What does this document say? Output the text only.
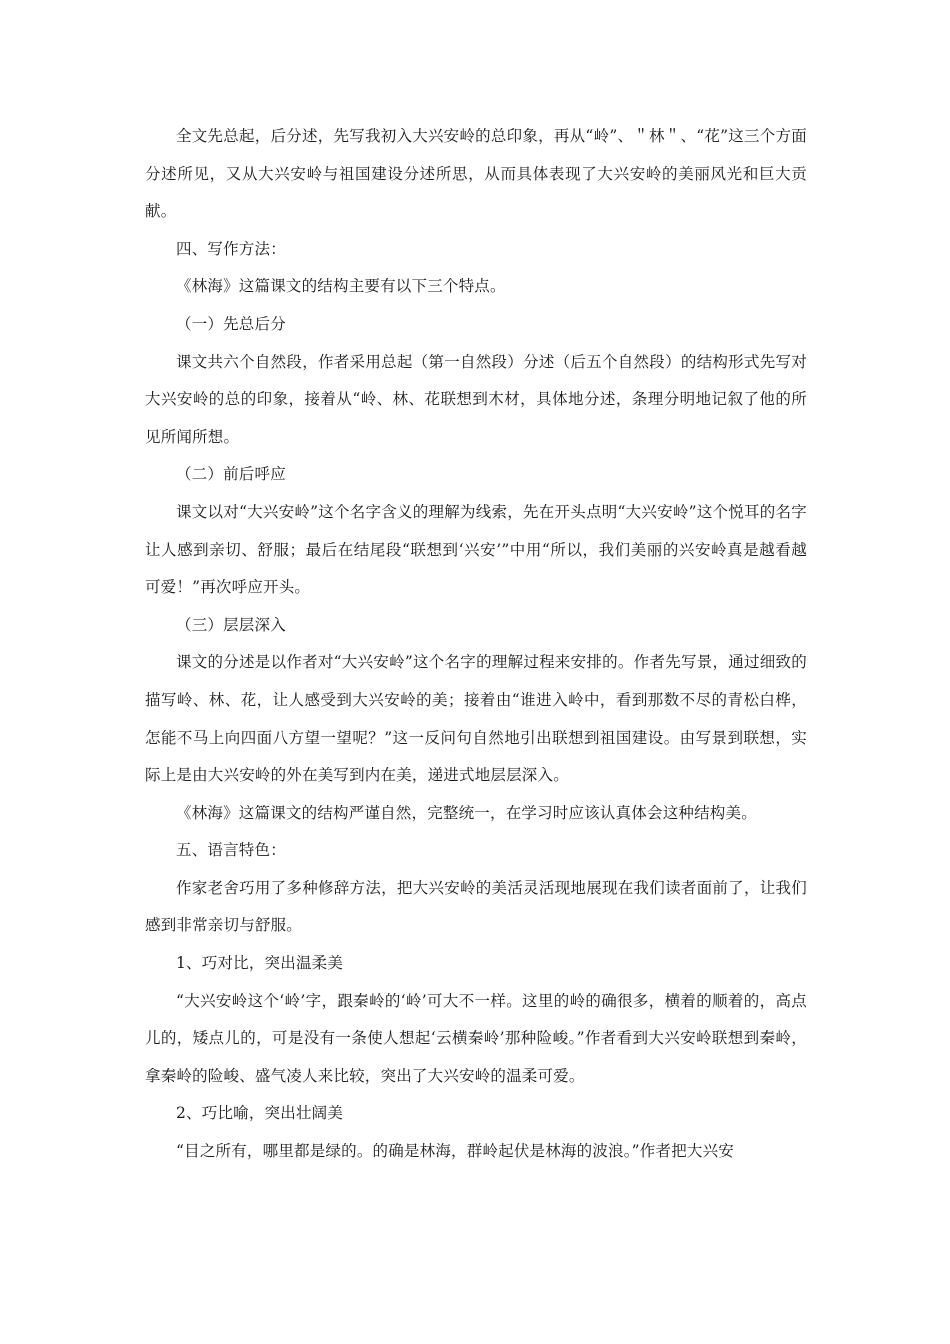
全文先总起，后分述，先写我初入大兴安岭的总印象，再从“岭”、＂林＂、“花”这三个方面分述所见，又从大兴安岭与祖国建设分述所思，从而具体表现了大兴安岭的美丽风光和巨大贡献。

四、写作方法：

《林海》这篇课文的结构主要有以下三个特点。

（一）先总后分

课文共六个自然段，作者采用总起（第一自然段）分述（后五个自然段）的结构形式先写对大兴安岭的总的印象，接着从“岭、林、花联想到木材，具体地分述，条理分明地记叙了他的所见所闻所想。

（二）前后呼应

课文以对“大兴安岭”这个名字含义的理解为线索，先在开头点明“大兴安岭”这个悦耳的名字让人感到亲切、舒服；最后在结尾段“联想到‘兴安’”中用“所以，我们美丽的兴安岭真是越看越可爱！”再次呼应开头。

（三）层层深入

课文的分述是以作者对“大兴安岭”这个名字的理解过程来安排的。作者先写景，通过细致的描写岭、林、花，让人感受到大兴安岭的美；接着由“谁进入岭中，看到那数不尽的青松白桦，怎能不马上向四面八方望一望呢？”这一反问句自然地引出联想到祖国建设。由写景到联想，实际上是由大兴安岭的外在美写到内在美，递进式地层层深入。

《林海》这篇课文的结构严谨自然，完整统一，在学习时应该认真体会这种结构美。

五、语言特色：

作家老舍巧用了多种修辞方法，把大兴安岭的美活灵活现地展现在我们读者面前了，让我们感到非常亲切与舒服。

1、巧对比，突出温柔美

“大兴安岭这个‘岭’字，跟秦岭的‘岭’可大不一样。这里的岭的确很多，横着的顺着的，高点儿的，矮点儿的，可是没有一条使人想起‘云横秦岭’那种险峻。”作者看到大兴安岭联想到秦岭，拿秦岭的险峻、盛气凌人来比较，突出了大兴安岭的温柔可爱。

2、巧比喻，突出壮阔美

“目之所有，哪里都是绿的。的确是林海，群岭起伏是林海的波浪。”作者把大兴安
